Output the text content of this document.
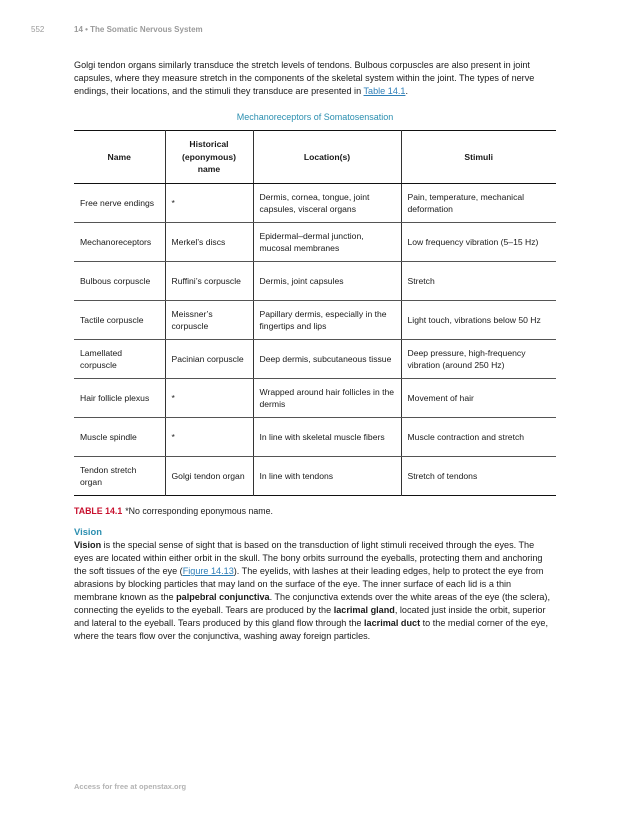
552	14 • The Somatic Nervous System

Golgi tendon organs similarly transduce the stretch levels of tendons. Bulbous corpuscles are also present in joint capsules, where they measure stretch in the components of the skeletal system within the joint. The types of nerve endings, their locations, and the stimuli they transduce are presented in Table 14.1.

Mechanoreceptors of Somatosensation
Name	Historical (eponymous) name	Location(s)	Stimuli
Free nerve endings	*	Dermis, cornea, tongue, joint capsules, visceral organs	Pain, temperature, mechanical deformation
Mechanoreceptors	Merkel’s discs	Epidermal–dermal junction, mucosal membranes	Low frequency vibration (5–15 Hz)
Bulbous corpuscle	Ruffini’s corpuscle	Dermis, joint capsules	Stretch
Tactile corpuscle	Meissner’s corpuscle	Papillary dermis, especially in the fingertips and lips	Light touch, vibrations below 50 Hz
Lamellated corpuscle	Pacinian corpuscle	Deep dermis, subcutaneous tissue	Deep pressure, high-frequency vibration (around 250 Hz)
Hair follicle plexus	*	Wrapped around hair follicles in the dermis	Movement of hair
Muscle spindle	*	In line with skeletal muscle fibers	Muscle contraction and stretch
Tendon stretch organ	Golgi tendon organ	In line with tendons	Stretch of tendons
TABLE 14.1 *No corresponding eponymous name.
Vision

Vision is the special sense of sight that is based on the transduction of light stimuli received through the eyes. The eyes are located within either orbit in the skull. The bony orbits surround the eyeballs, protecting them and anchoring the soft tissues of the eye (Figure 14.13). The eyelids, with lashes at their leading edges, help to protect the eye from abrasions by blocking particles that may land on the surface of the eye. The inner surface of each lid is a thin membrane known as the palpebral conjunctiva. The conjunctiva extends over the white areas of the eye (the sclera), connecting the eyelids to the eyeball. Tears are produced by the lacrimal gland, located just inside the orbit, superior and lateral to the eyeball. Tears produced by this gland flow through the lacrimal duct to the medial corner of the eye, where the tears flow over the conjunctiva, washing away foreign particles.

Access for free at openstax.org
